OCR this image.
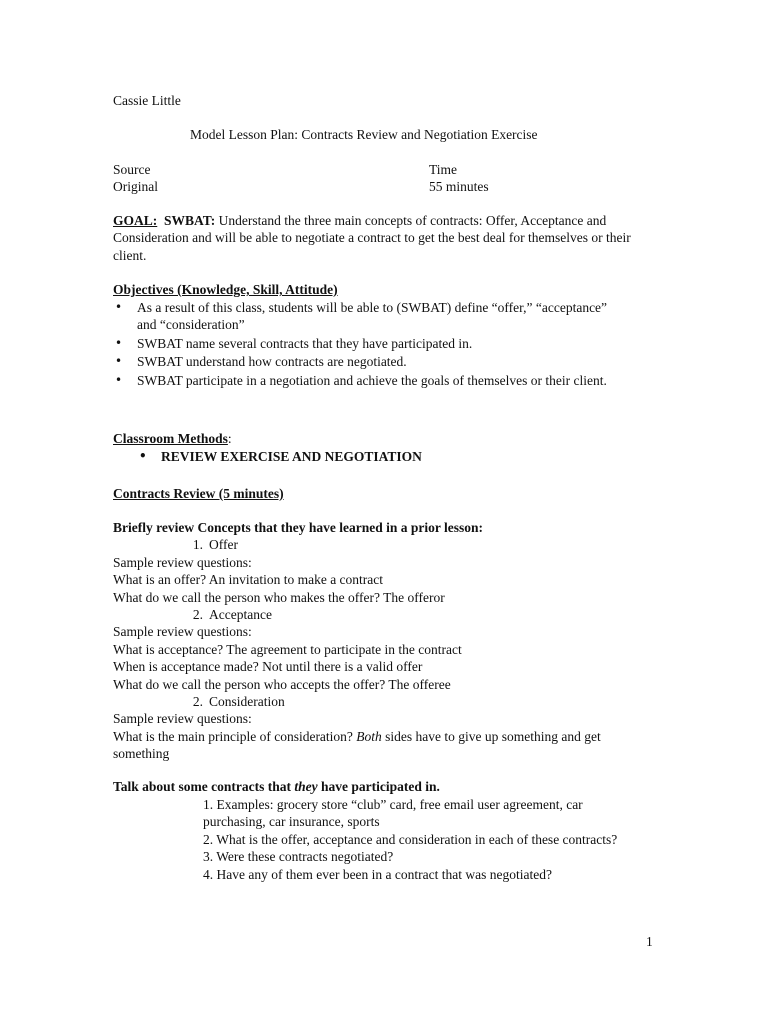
Cassie Little
Model Lesson Plan: Contracts Review and Negotiation Exercise
Source
Original
Time
55 minutes
GOAL: SWBAT: Understand the three main concepts of contracts: Offer, Acceptance and Consideration and will be able to negotiate a contract to get the best deal for themselves or their client.
Objectives (Knowledge, Skill, Attitude)
• As a result of this class, students will be able to (SWBAT) define “offer,” “acceptance” and “consideration”
• SWBAT name several contracts that they have participated in.
• SWBAT understand how contracts are negotiated.
• SWBAT participate in a negotiation and achieve the goals of themselves or their client.
Classroom Methods:
• REVIEW EXERCISE AND NEGOTIATION
Contracts Review (5 minutes)
Briefly review Concepts that they have learned in a prior lesson:
1. Offer
Sample review questions:
What is an offer? An invitation to make a contract
What do we call the person who makes the offer? The offeror
2. Acceptance
Sample review questions:
What is acceptance? The agreement to participate in the contract
When is acceptance made? Not until there is a valid offer
What do we call the person who accepts the offer? The offeree
2. Consideration
Sample review questions:
What is the main principle of consideration? Both sides have to give up something and get something
Talk about some contracts that they have participated in.
1. Examples: grocery store “club” card, free email user agreement, car purchasing, car insurance, sports
2. What is the offer, acceptance and consideration in each of these contracts?
3. Were these contracts negotiated?
4. Have any of them ever been in a contract that was negotiated?
1
